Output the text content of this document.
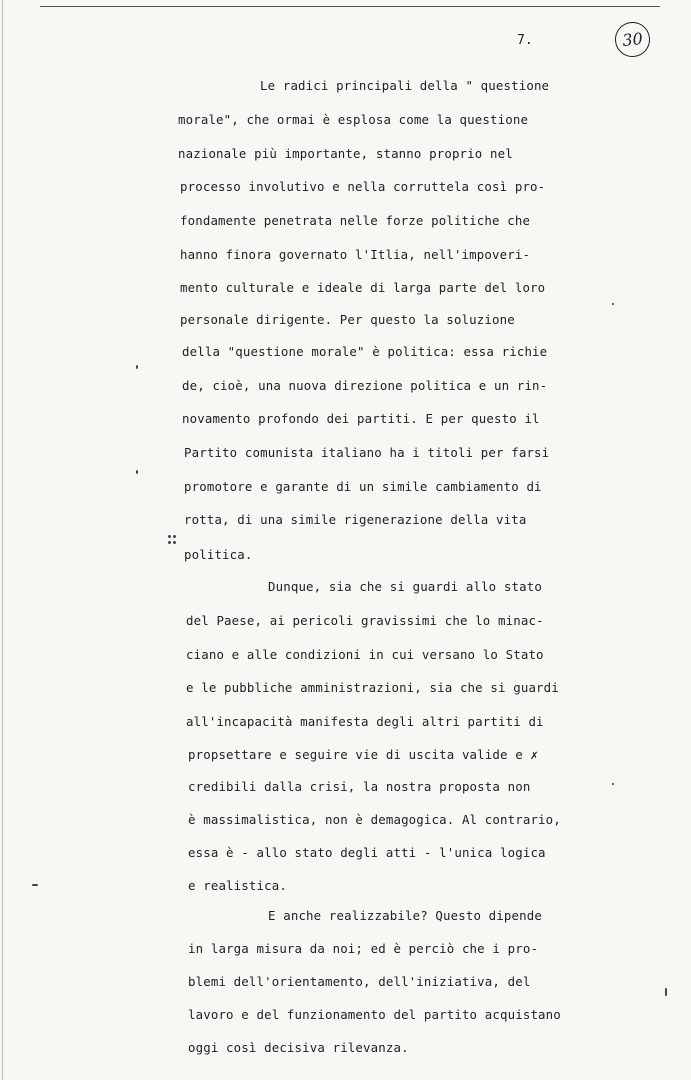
7.	30
Le radici principali della " questione
morale", che ormai è esplosa come la questione
nazionale più importante, stanno proprio nel
processo involutivo e nella corruttela così pro-
fondamente penetrata nelle forze politiche che
hanno finora governato l'Itlia, nell'impoveri-
mento culturale e ideale di larga parte del loro
personale dirigente. Per questo la soluzione
della "questione morale" è politica: essa richie
de, cioè, una nuova direzione politica e un rin-
novamento profondo dei partiti. E per questo il
Partito comunista italiano ha i titoli per farsi
promotore e garante di un simile cambiamento di
rotta, di una simile rigenerazione della vita
politica.
Dunque, sia che si guardi allo stato
del Paese, ai pericoli gravissimi che lo minac-
ciano e alle condizioni in cui versano lo Stato
e le pubbliche amministrazioni, sia che si guardi
all'incapacità manifesta degli altri partiti di
propsettare e seguire vie di uscita valide e ✗
credibili dalla crisi, la nostra proposta non
è massimalistica, non è demagogica. Al contrario,
essa è - allo stato degli atti - l'unica logica
e realistica.
E anche realizzabile? Questo dipende
in larga misura da noi; ed è perciò che i pro-
blemi dell'orientamento, dell'iniziativa, del
lavoro e del funzionamento del partito acquistano
oggi così decisiva rilevanza.
